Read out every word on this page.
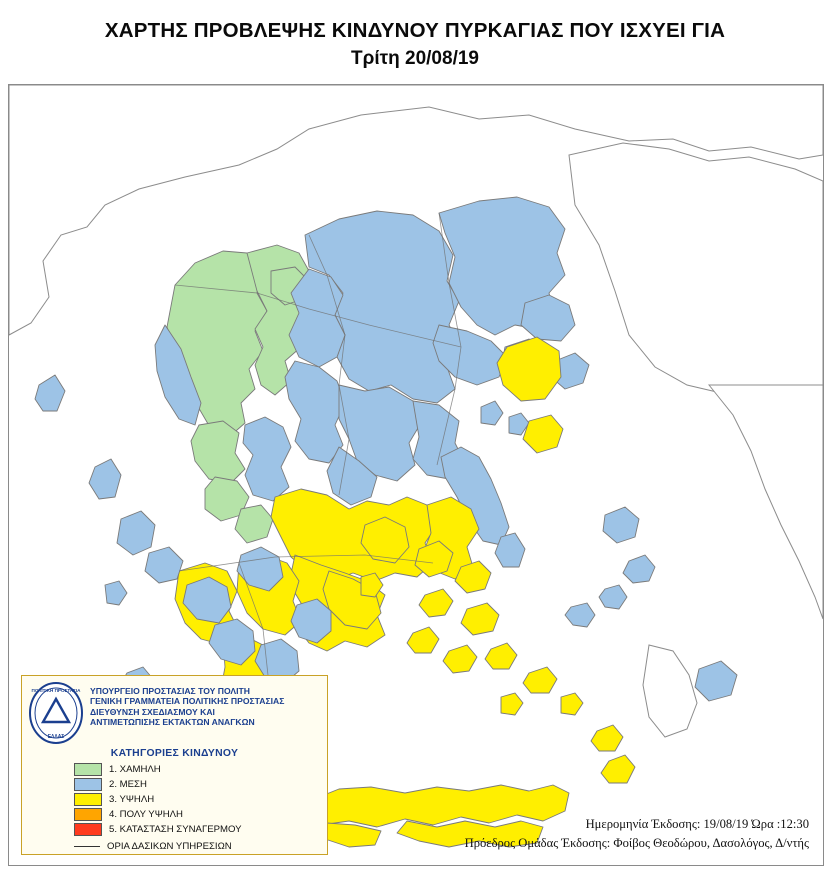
ΧΑΡΤΗΣ ΠΡΟΒΛΕΨΗΣ ΚΙΝΔΥΝΟΥ ΠΥΡΚΑΓΙΑΣ ΠΟΥ ΙΣΧΥΕΙ ΓΙΑ
Τρίτη 20/08/19
ΠΟΛΙΤΙΚΗ ΠΡΟΣΤΑΣΙΑ
ΕΛΛΑΣ
ΥΠΟΥΡΓΕΙΟ ΠΡΟΣΤΑΣΙΑΣ ΤΟΥ ΠΟΛΙΤΗ
ΓΕΝΙΚΗ ΓΡΑΜΜΑΤΕΙΑ ΠΟΛΙΤΙΚΗΣ ΠΡΟΣΤΑΣΙΑΣ
ΔΙΕΥΘΥΝΣΗ ΣΧΕΔΙΑΣΜΟΥ ΚΑΙ
ΑΝΤΙΜΕΤΩΠΙΣΗΣ ΕΚΤΑΚΤΩΝ ΑΝΑΓΚΩΝ
ΚΑΤΗΓΟΡΙΕΣ ΚΙΝΔΥΝΟΥ
1. ΧΑΜΗΛΗ
2. ΜΕΣΗ
3. ΥΨΗΛΗ
4. ΠΟΛΥ ΥΨΗΛΗ
5. ΚΑΤΑΣΤΑΣΗ ΣΥΝΑΓΕΡΜΟΥ
ΟΡΙΑ ΔΑΣΙΚΩΝ ΥΠΗΡΕΣΙΩΝ
Ημερομηνία Έκδοσης: 19/08/19 Ώρα :12:30
Πρόεδρος Ομάδας Έκδοσης: Φοίβος Θεοδώρου, Δασολόγος, Δ/ντής
